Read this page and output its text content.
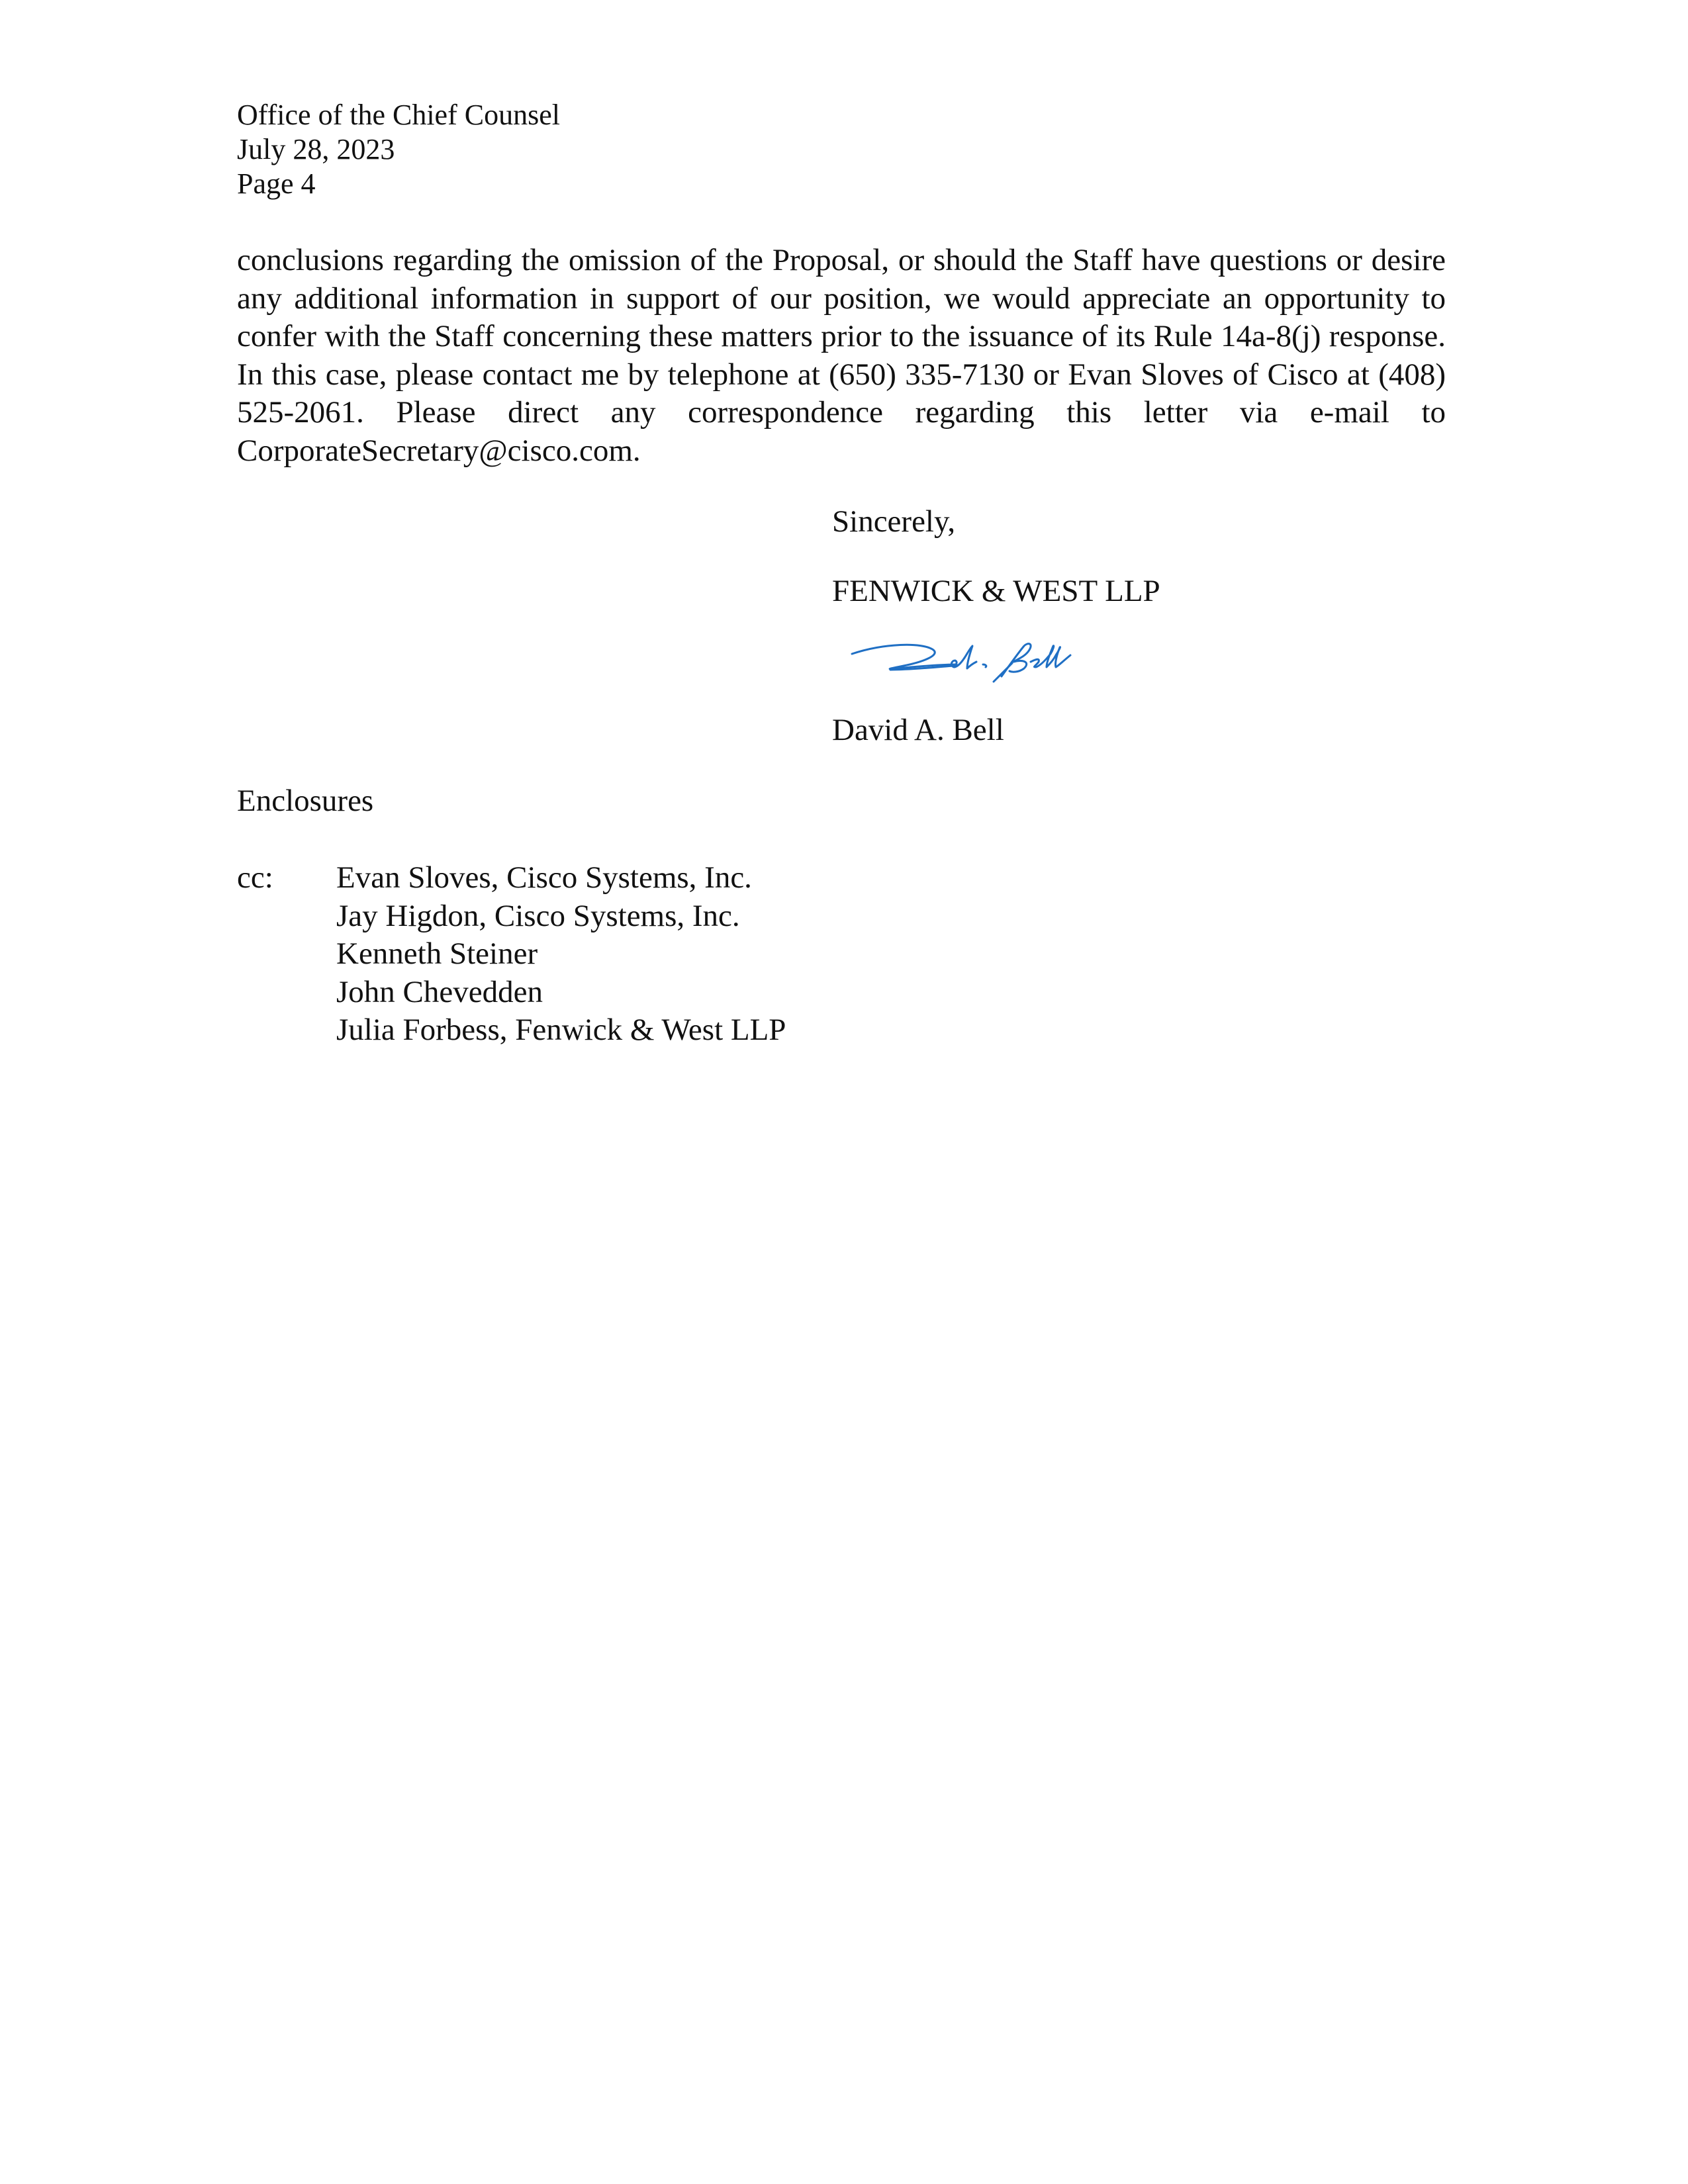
Office of the Chief Counsel
July 28, 2023
Page 4
conclusions regarding the omission of the Proposal, or should the Staff have questions or desire any additional information in support of our position, we would appreciate an opportunity to confer with the Staff concerning these matters prior to the issuance of its Rule 14a-8(j) response. In this case, please contact me by telephone at (650) 335-7130 or Evan Sloves of Cisco at (408) 525-2061. Please direct any correspondence regarding this letter via e-mail to CorporateSecretary@cisco.com.
Sincerely,
FENWICK & WEST LLP
David A. Bell
Enclosures
cc: Evan Sloves, Cisco Systems, Inc.
Jay Higdon, Cisco Systems, Inc.
Kenneth Steiner
John Chevedden
Julia Forbess, Fenwick & West LLP
